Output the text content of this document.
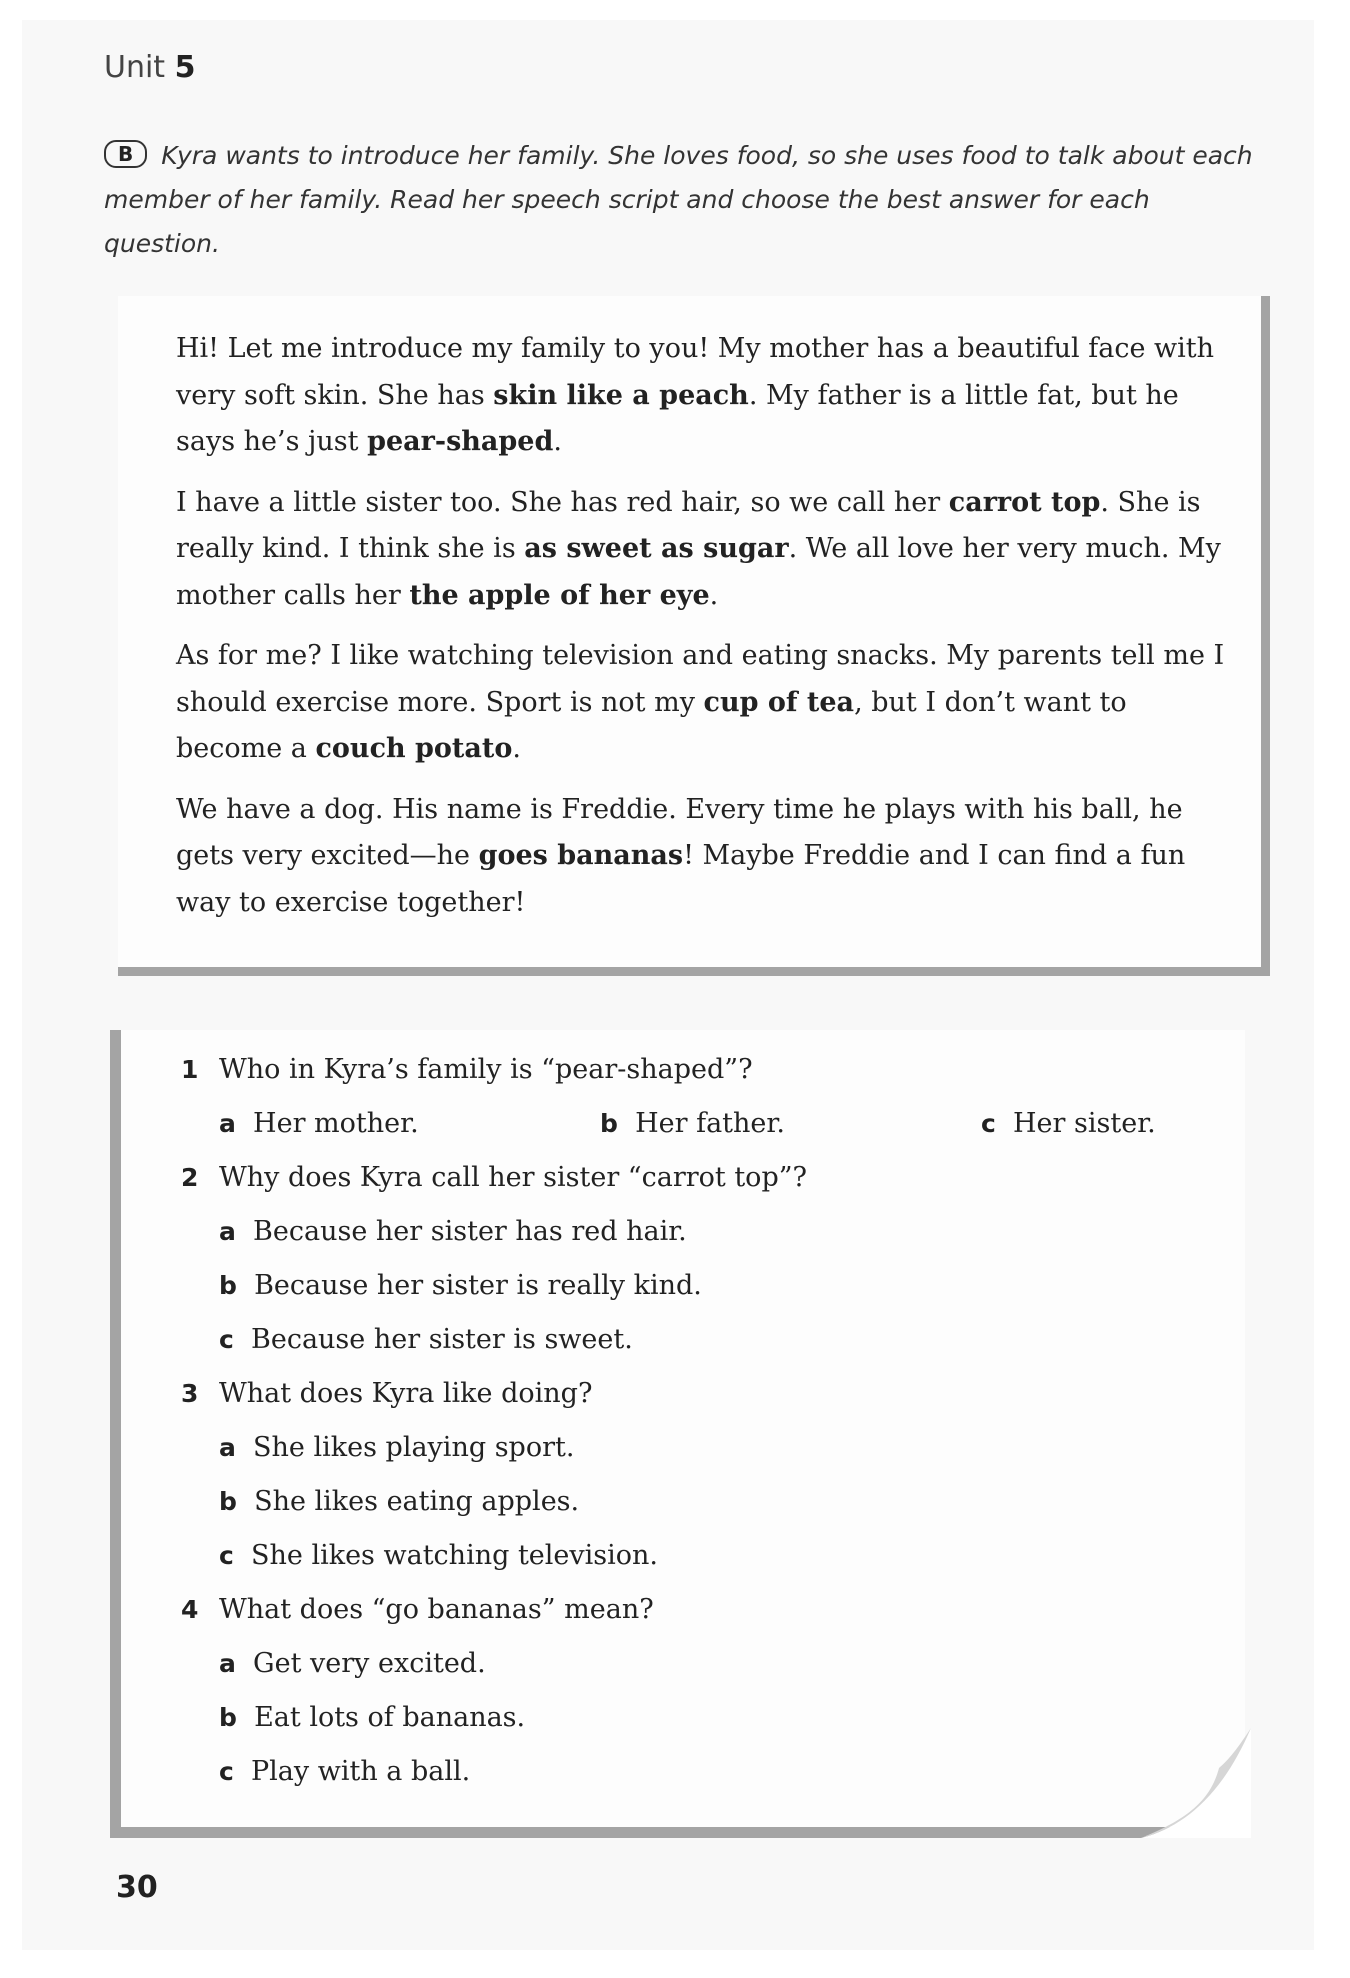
Unit 5
B Kyra wants to introduce her family. She loves food, so she uses food to talk about each member of her family. Read her speech script and choose the best answer for each question.

Hi! Let me introduce my family to you! My mother has a beautiful face with very soft skin. She has skin like a peach. My father is a little fat, but he says he’s just pear-shaped.

I have a little sister too. She has red hair, so we call her carrot top. She is really kind. I think she is as sweet as sugar. We all love her very much. My mother calls her the apple of her eye.

As for me? I like watching television and eating snacks. My parents tell me I should exercise more. Sport is not my cup of tea, but I don’t want to become a couch potato.

We have a dog. His name is Freddie. Every time he plays with his ball, he gets very excited—he goes bananas! Maybe Freddie and I can find a fun way to exercise together!

1 Who in Kyra’s family is “pear-shaped”?
a Her mother.	b Her father.	c Her sister.
2 Why does Kyra call her sister “carrot top”?
a Because her sister has red hair.
b Because her sister is really kind.
c Because her sister is sweet.
3 What does Kyra like doing?
a She likes playing sport.
b She likes eating apples.
c She likes watching television.
4 What does “go bananas” mean?
a Get very excited.
b Eat lots of bananas.
c Play with a ball.
30
